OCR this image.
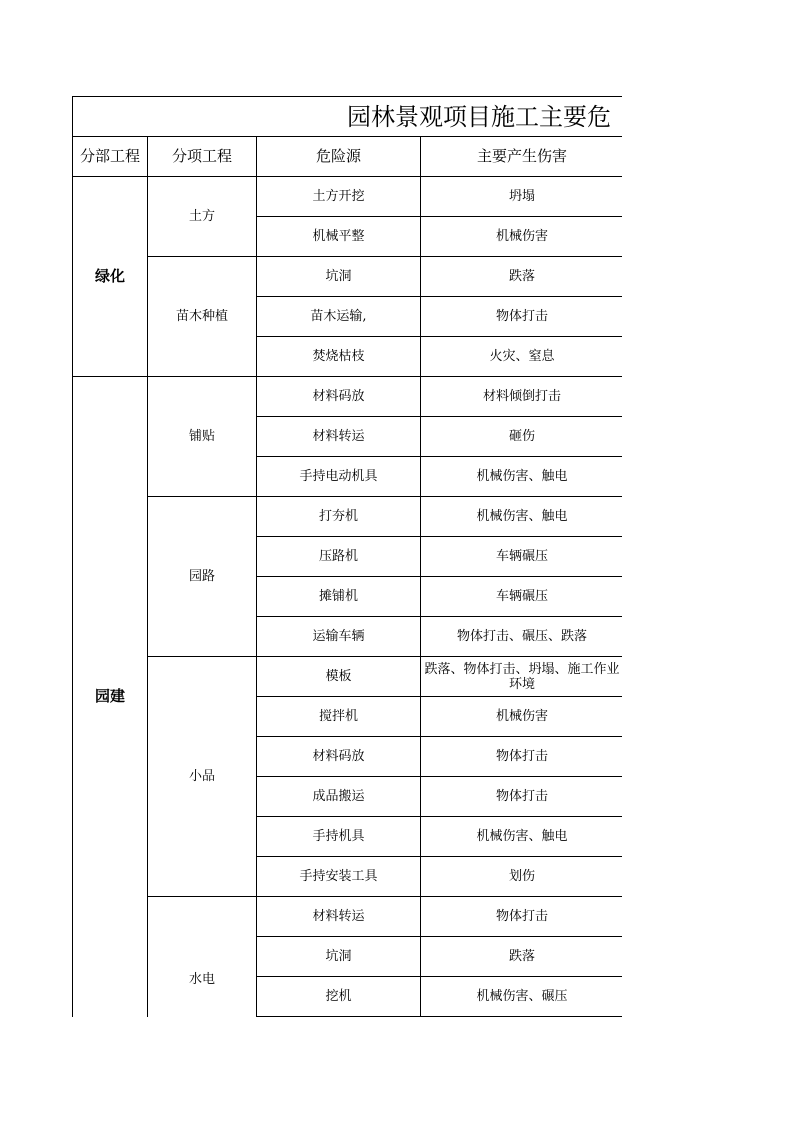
园林景观项目施工主要危
分部工程	分项工程	危险源	主要产生伤害
绿化	土方	土方开挖	坍塌
		机械平整	机械伤害
	苗木种植	坑洞	跌落
		苗木运输,	物体打击
		焚烧枯枝	火灾、窒息
园建	铺贴	材料码放	材料倾倒打击
		材料转运	砸伤
		手持电动机具	机械伤害、触电
	园路	打夯机	机械伤害、触电
		压路机	车辆碾压
		摊铺机	车辆碾压
		运输车辆	物体打击、碾压、跌落
	小品	模板	跌落、物体打击、坍塌、施工作业环境
		搅拌机	机械伤害
		材料码放	物体打击
		成品搬运	物体打击
		手持机具	机械伤害、触电
		手持安装工具	划伤
	水电	材料转运	物体打击
		坑洞	跌落
		挖机	机械伤害、碾压
